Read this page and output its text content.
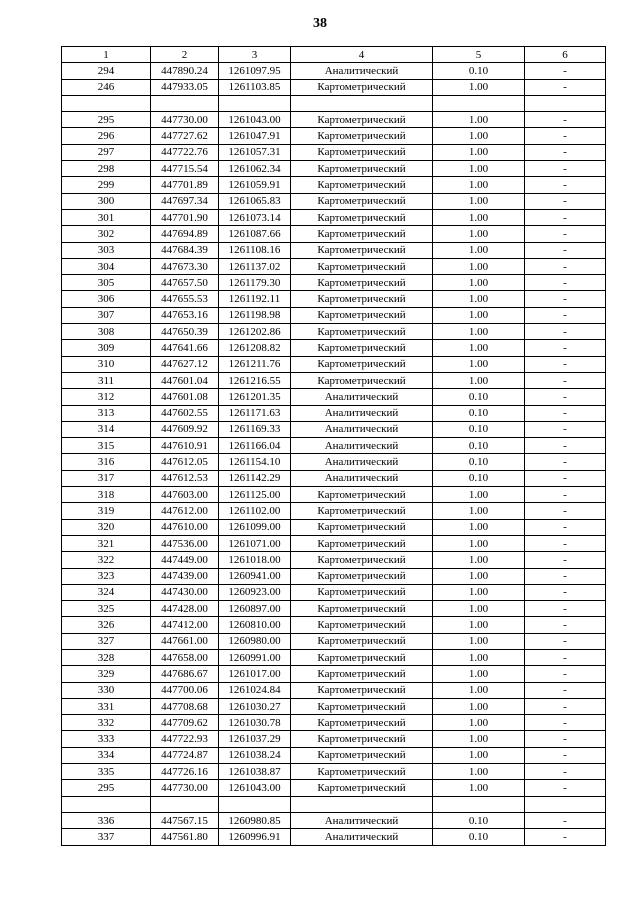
38
1	2	3	4	5	6
294	447890.24	1261097.95	Аналитический	0.10	-
246	447933.05	1261103.85	Картометрический	1.00	-

295	447730.00	1261043.00	Картометрический	1.00	-
296	447727.62	1261047.91	Картометрический	1.00	-
297	447722.76	1261057.31	Картометрический	1.00	-
298	447715.54	1261062.34	Картометрический	1.00	-
299	447701.89	1261059.91	Картометрический	1.00	-
300	447697.34	1261065.83	Картометрический	1.00	-
301	447701.90	1261073.14	Картометрический	1.00	-
302	447694.89	1261087.66	Картометрический	1.00	-
303	447684.39	1261108.16	Картометрический	1.00	-
304	447673.30	1261137.02	Картометрический	1.00	-
305	447657.50	1261179.30	Картометрический	1.00	-
306	447655.53	1261192.11	Картометрический	1.00	-
307	447653.16	1261198.98	Картометрический	1.00	-
308	447650.39	1261202.86	Картометрический	1.00	-
309	447641.66	1261208.82	Картометрический	1.00	-
310	447627.12	1261211.76	Картометрический	1.00	-
311	447601.04	1261216.55	Картометрический	1.00	-
312	447601.08	1261201.35	Аналитический	0.10	-
313	447602.55	1261171.63	Аналитический	0.10	-
314	447609.92	1261169.33	Аналитический	0.10	-
315	447610.91	1261166.04	Аналитический	0.10	-
316	447612.05	1261154.10	Аналитический	0.10	-
317	447612.53	1261142.29	Аналитический	0.10	-
318	447603.00	1261125.00	Картометрический	1.00	-
319	447612.00	1261102.00	Картометрический	1.00	-
320	447610.00	1261099.00	Картометрический	1.00	-
321	447536.00	1261071.00	Картометрический	1.00	-
322	447449.00	1261018.00	Картометрический	1.00	-
323	447439.00	1260941.00	Картометрический	1.00	-
324	447430.00	1260923.00	Картометрический	1.00	-
325	447428.00	1260897.00	Картометрический	1.00	-
326	447412.00	1260810.00	Картометрический	1.00	-
327	447661.00	1260980.00	Картометрический	1.00	-
328	447658.00	1260991.00	Картометрический	1.00	-
329	447686.67	1261017.00	Картометрический	1.00	-
330	447700.06	1261024.84	Картометрический	1.00	-
331	447708.68	1261030.27	Картометрический	1.00	-
332	447709.62	1261030.78	Картометрический	1.00	-
333	447722.93	1261037.29	Картометрический	1.00	-
334	447724.87	1261038.24	Картометрический	1.00	-
335	447726.16	1261038.87	Картометрический	1.00	-
295	447730.00	1261043.00	Картометрический	1.00	-

336	447567.15	1260980.85	Аналитический	0.10	-
337	447561.80	1260996.91	Аналитический	0.10	-
